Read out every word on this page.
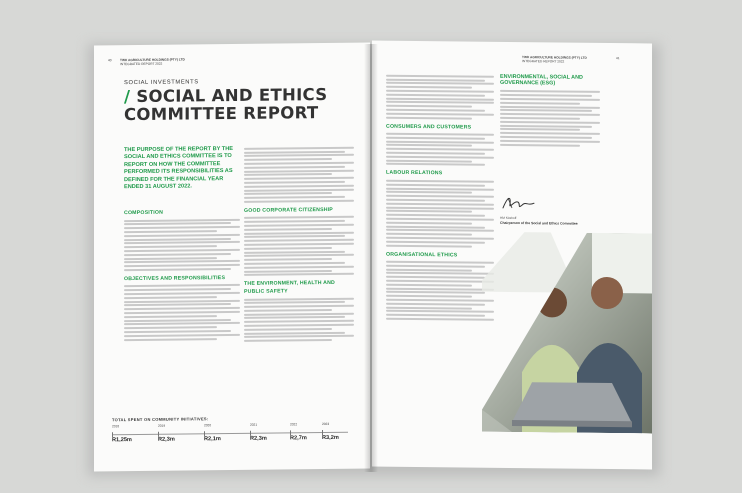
40	TWK AGRICULTURE HOLDINGS (PTY) LTD
INTEGRATED REPORT 2022
SOCIAL INVESTMENTS
/ SOCIAL AND ETHICS COMMITTEE REPORT
THE PURPOSE OF THE REPORT BY THE SOCIAL AND ETHICS COMMITTEE IS TO REPORT ON HOW THE COMMITTEE PERFORMED ITS RESPONSIBILITIES AS DEFINED FOR THE FINANCIAL YEAR ENDED 31 AUGUST 2022.
COMPOSITION
OBJECTIVES AND RESPONSIBILITIES
GOOD CORPORATE CITIZENSHIP
THE ENVIRONMENT, HEALTH AND PUBLIC SAFETY
TOTAL SPENT ON COMMUNITY INITIATIVES:
2018
R1,25m
2019
R2,3m
2020
R2,1m
2021
R2,3m
2022
R2,7m
2023
R3,2m
TWK AGRICULTURE HOLDINGS (PTY) LTD
INTEGRATED REPORT 2022
41
CONSUMERS AND CUSTOMERS
LABOUR RELATIONS
ORGANISATIONAL ETHICS
ENVIRONMENTAL, SOCIAL AND GOVERNANCE (ESG)
HM Kitshoff
Chairperson of the Social and Ethics Committee
